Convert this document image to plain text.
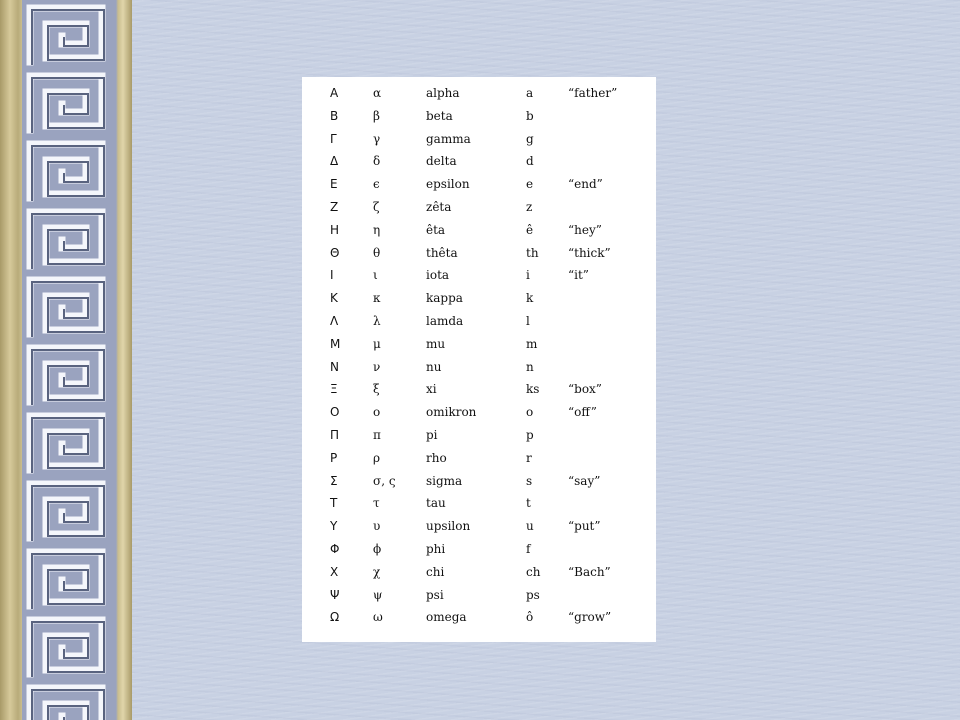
Α	α	alpha	a	“father”
Β	β	beta	b
Γ	γ	gamma	g
Δ	δ	delta	d
Ε	ϵ	epsilon	e	“end”
Ζ	ζ	zêta	z
Η	η	êta	ê	“hey”
Θ	θ	thêta	th “thick”
Ι	ι	iota	i	“it”
Κ	κ	kappa	k
Λ	λ	lamda	l
Μ	μ	mu	m
Ν	ν	nu	n
Ξ	ξ	xi	ks “box”
Ο	ο	omikron	o	“off”
Π	π	pi	p
Ρ	ρ	rho	r
Σ	σ, ς	sigma	s	“say”
Τ	τ	tau	t
Υ	υ	upsilon	u	“put”
Φ	ϕ	phi	f
Χ	χ	chi	ch “Bach”
Ψ	ψ	psi	ps
Ω	ω	omega	ô	“grow”
